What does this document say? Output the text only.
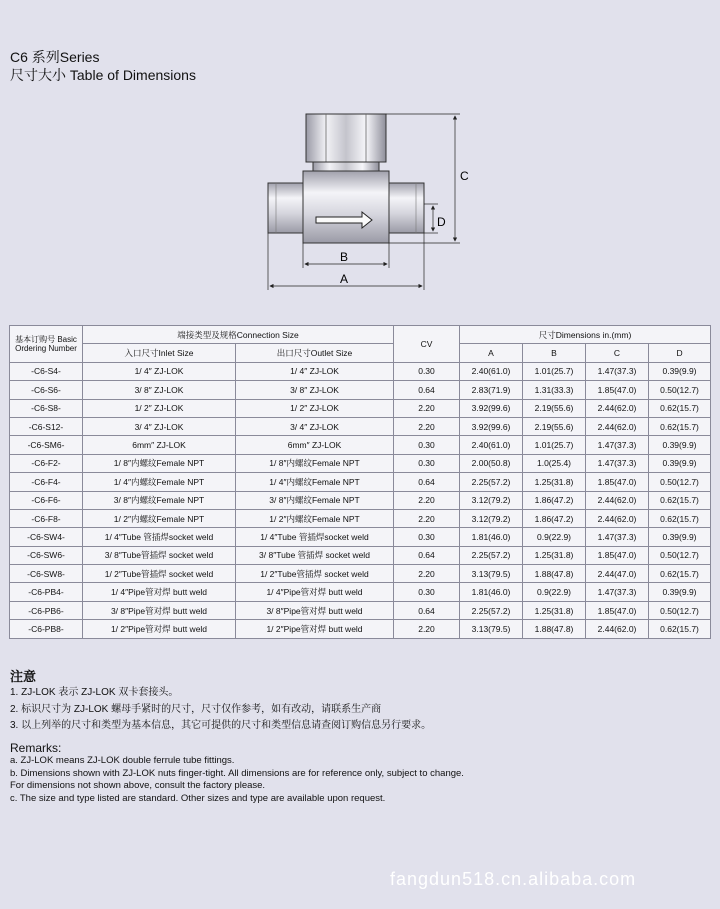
C6 系列Series
尺寸大小 Table of Dimensions
C
D
B
A
基本订购号 Basic Ordering Number	端接类型及规格Connection Size		CV	尺寸Dimensions in.(mm)			
	入口尺寸Inlet Size	出口尺寸Outlet Size		A	B	C	D
-C6-S4-	1/ 4″ ZJ-LOK	1/ 4″ ZJ-LOK	0.30	2.40(61.0)	1.01(25.7)	1.47(37.3)	0.39(9.9)
-C6-S6-	3/ 8″ ZJ-LOK	3/ 8″ ZJ-LOK	0.64	2.83(71.9)	1.31(33.3)	1.85(47.0)	0.50(12.7)
-C6-S8-	1/ 2″ ZJ-LOK	1/ 2″ ZJ-LOK	2.20	3.92(99.6)	2.19(55.6)	2.44(62.0)	0.62(15.7)
-C6-S12-	3/ 4″ ZJ-LOK	3/ 4″ ZJ-LOK	2.20	3.92(99.6)	2.19(55.6)	2.44(62.0)	0.62(15.7)
-C6-SM6-	6mm″ ZJ-LOK	6mm″ ZJ-LOK	0.30	2.40(61.0)	1.01(25.7)	1.47(37.3)	0.39(9.9)
-C6-F2-	1/ 8″内螺纹Female NPT	1/ 8″内螺纹Female NPT	0.30	2.00(50.8)	1.0(25.4)	1.47(37.3)	0.39(9.9)
-C6-F4-	1/ 4″内螺纹Female NPT	1/ 4″内螺纹Female NPT	0.64	2.25(57.2)	1.25(31.8)	1.85(47.0)	0.50(12.7)
-C6-F6-	3/ 8″内螺纹Female NPT	3/ 8″内螺纹Female NPT	2.20	3.12(79.2)	1.86(47.2)	2.44(62.0)	0.62(15.7)
-C6-F8-	1/ 2″内螺纹Female NPT	1/ 2″内螺纹Female NPT	2.20	3.12(79.2)	1.86(47.2)	2.44(62.0)	0.62(15.7)
-C6-SW4-	1/ 4″Tube 管插焊socket weld	1/ 4″Tube 管插焊socket weld	0.30	1.81(46.0)	0.9(22.9)	1.47(37.3)	0.39(9.9)
-C6-SW6-	3/ 8″Tube管插焊 socket weld	3/ 8″Tube 管插焊 socket weld	0.64	2.25(57.2)	1.25(31.8)	1.85(47.0)	0.50(12.7)
-C6-SW8-	1/ 2″Tube管插焊 socket weld	1/ 2″Tube管插焊 socket weld	2.20	3.13(79.5)	1.88(47.8)	2.44(47.0)	0.62(15.7)
-C6-PB4-	1/ 4″Pipe管对焊 butt weld	1/ 4″Pipe管对焊 butt weld	0.30	1.81(46.0)	0.9(22.9)	1.47(37.3)	0.39(9.9)
-C6-PB6-	3/ 8″Pipe管对焊 butt weld	3/ 8″Pipe管对焊 butt weld	0.64	2.25(57.2)	1.25(31.8)	1.85(47.0)	0.50(12.7)
-C6-PB8-	1/ 2″Pipe管对焊 butt weld	1/ 2″Pipe管对焊 butt weld	2.20	3.13(79.5)	1.88(47.8)	2.44(62.0)	0.62(15.7)
注意
1. ZJ-LOK 表示 ZJ-LOK 双卡套接头。
2. 标识尺寸为 ZJ-LOK 螺母手紧时的尺寸，尺寸仅作参考，如有改动，请联系生产商
3. 以上列举的尺寸和类型为基本信息，其它可提供的尺寸和类型信息请查阅订购信息另行要求。
Remarks:
a. ZJ-LOK means ZJ-LOK double ferrule tube fittings.
b. Dimensions shown with ZJ-LOK nuts finger-tight. All dimensions are for reference only, subject to change.
For dimensions not shown above, consult the factory please.
c. The size and type listed are standard. Other sizes and type are available upon request.
fangdun518.cn.alibaba.com
